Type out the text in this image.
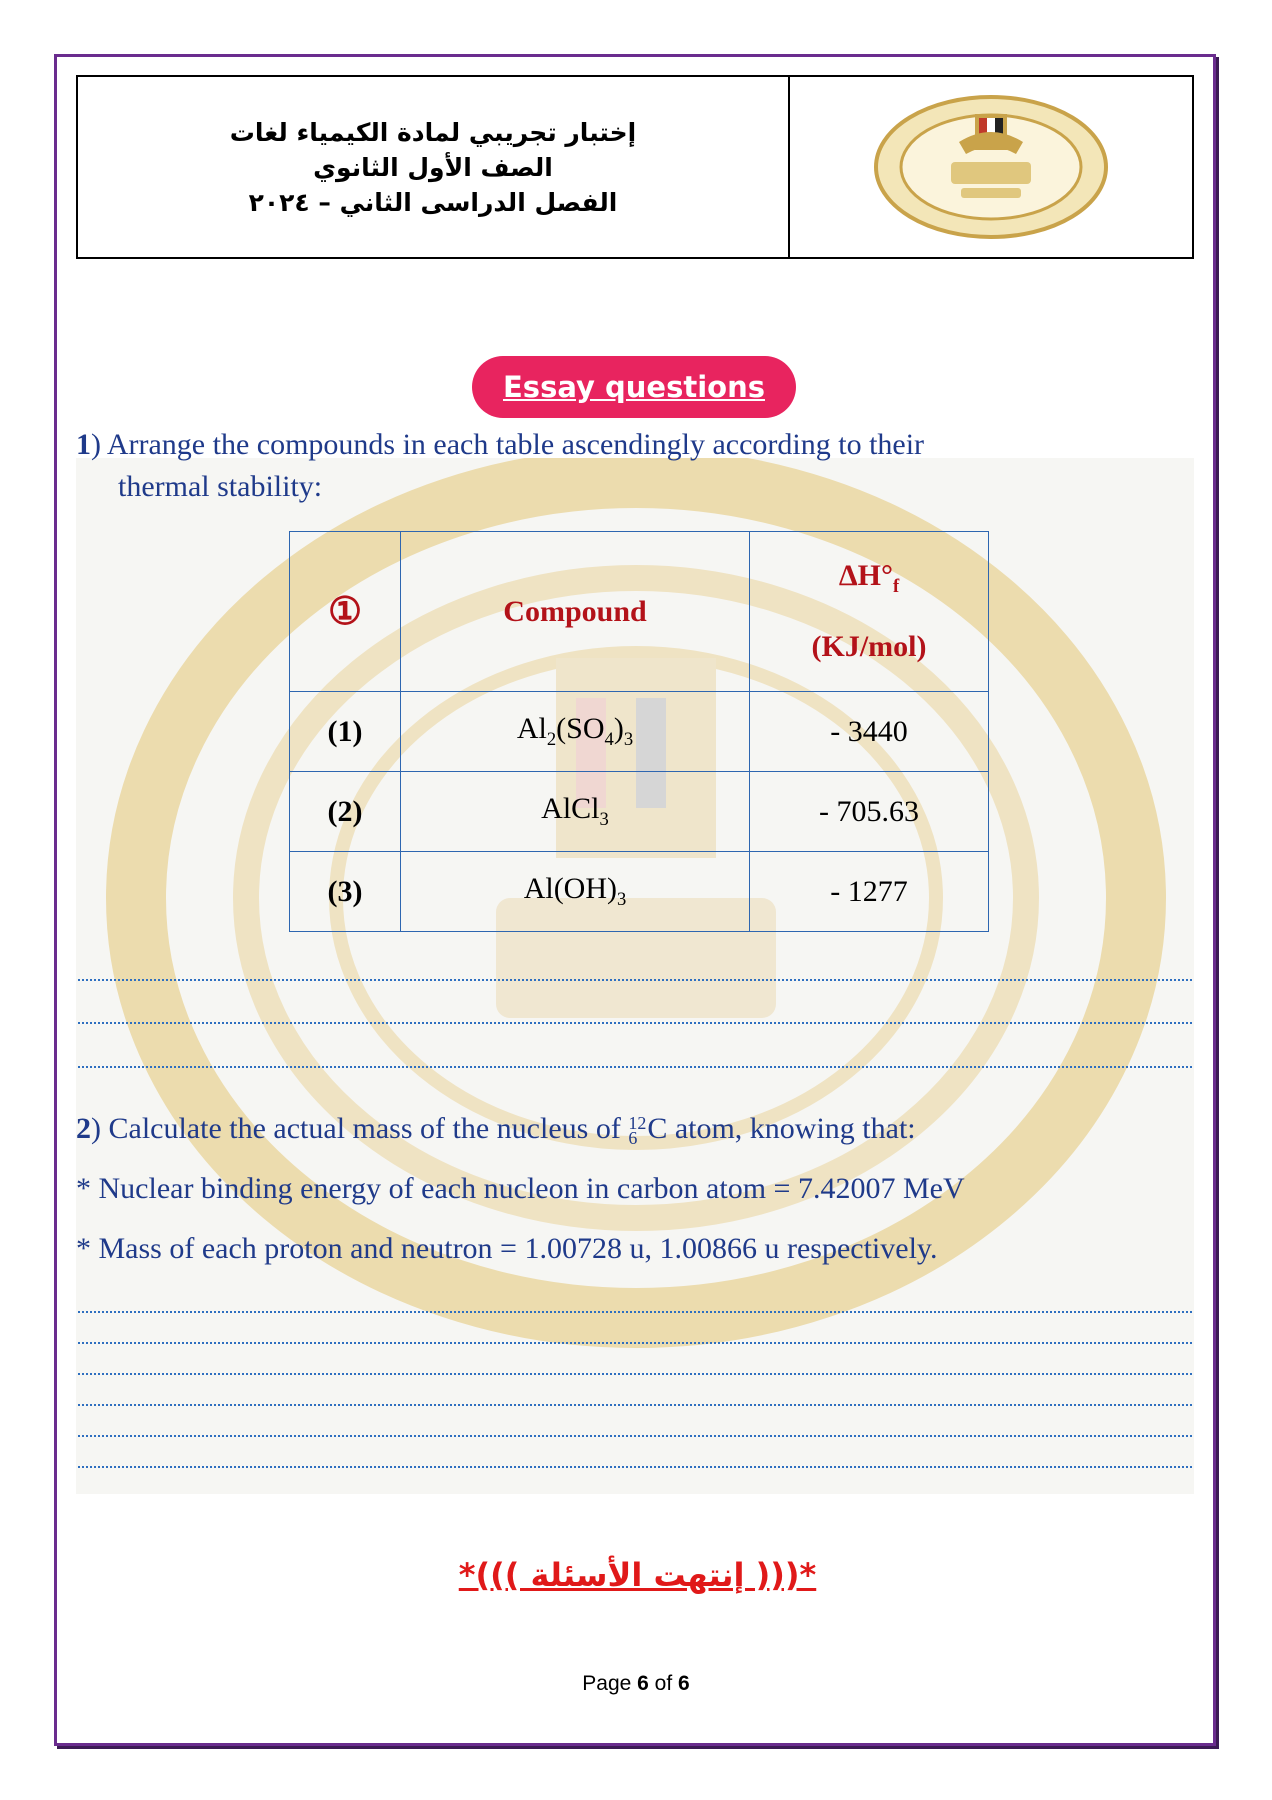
إختبار تجريبي لمادة الكيمياء لغات
الصف الأول الثانوي
الفصل الدراسى الثاني – ٢٠٢٤
Essay questions
1) Arrange the compounds in each table ascendingly according to their
thermal stability:
①	Compound	$\Delta H^\circ_f$
(KJ/mol)

(1)	$Al_2(SO_4)_3$	- 3440
(2)	AlCl$_3$	- 705.63
(3)	$Al(OH)_3$	- 1277
2) Calculate the actual mass of the nucleus of 12
6 C atom, knowing that:
* Nuclear binding energy of each nucleon in carbon atom = 7.42007 MeV
* Mass of each proton and neutron = 1.00728 u, 1.00866 u respectively.
*((( إنتهت الأسئلة )))*
Page 6 of 6
